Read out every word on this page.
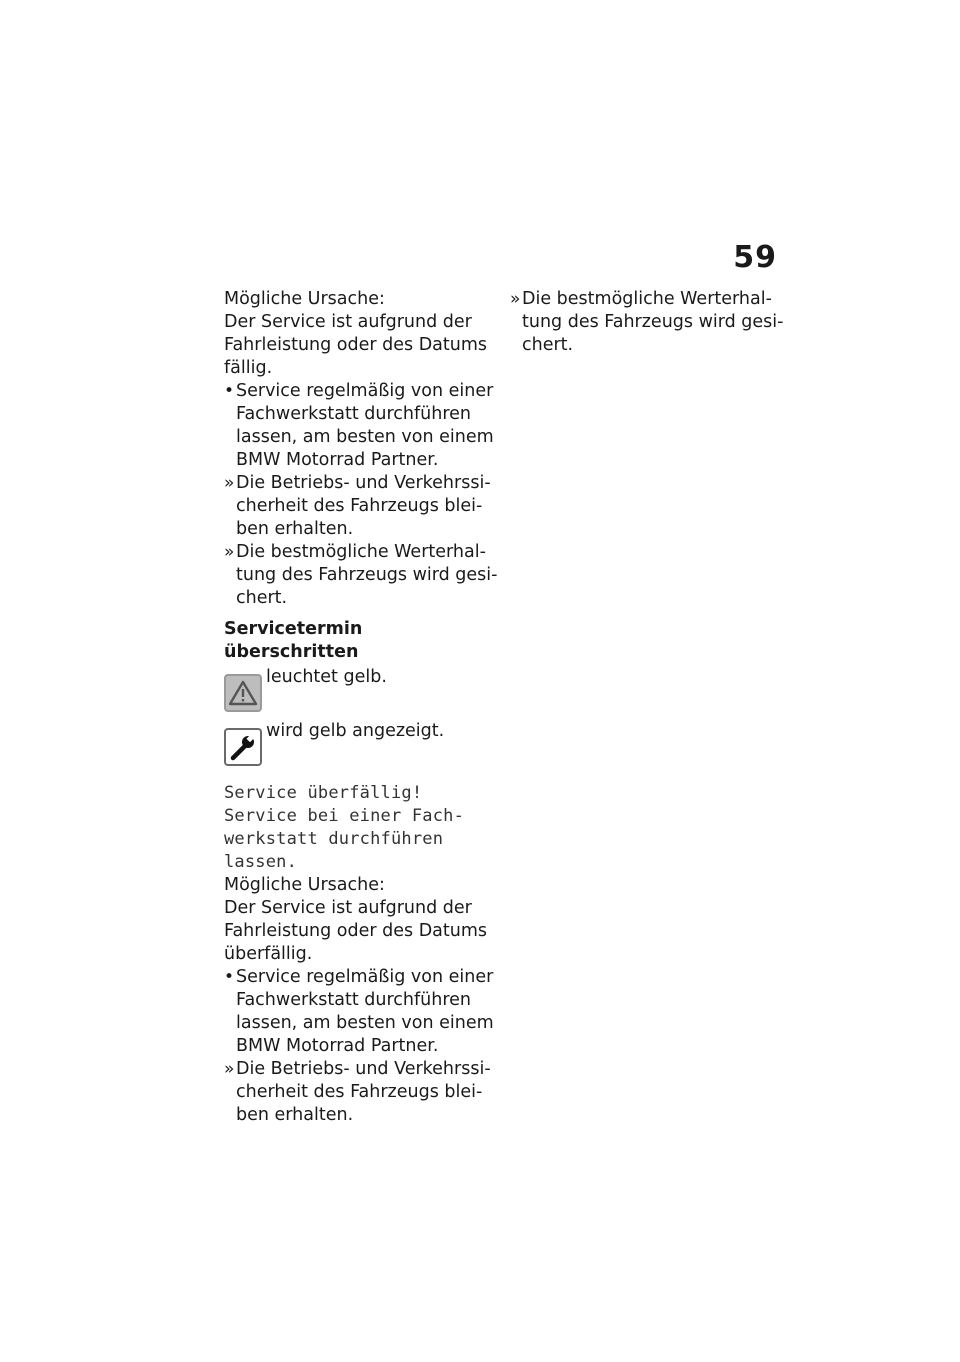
59

Mögliche Ursache:

Der Service ist aufgrund der
Fahrleistung oder des Datums
fällig.

• Service regelmäßig von einer
Fachwerkstatt durchführen
lassen, am besten von einem
BMW Motorrad Partner.
» Die Betriebs- und Verkehrssi-
cherheit des Fahrzeugs blei-
ben erhalten.
» Die bestmögliche Werterhal-
tung des Fahrzeugs wird gesi-
chert.

Servicetermin überschritten

leuchtet gelb.

wird gelb angezeigt.

Service überfällig!
Service bei einer Fach-
werkstatt durchführen
lassen.

Mögliche Ursache:

Der Service ist aufgrund der
Fahrleistung oder des Datums
überfällig.

• Service regelmäßig von einer
Fachwerkstatt durchführen
lassen, am besten von einem
BMW Motorrad Partner.
» Die Betriebs- und Verkehrssi-
cherheit des Fahrzeugs blei-
ben erhalten.
» Die bestmögliche Werterhal-
tung des Fahrzeugs wird gesi-
chert.
